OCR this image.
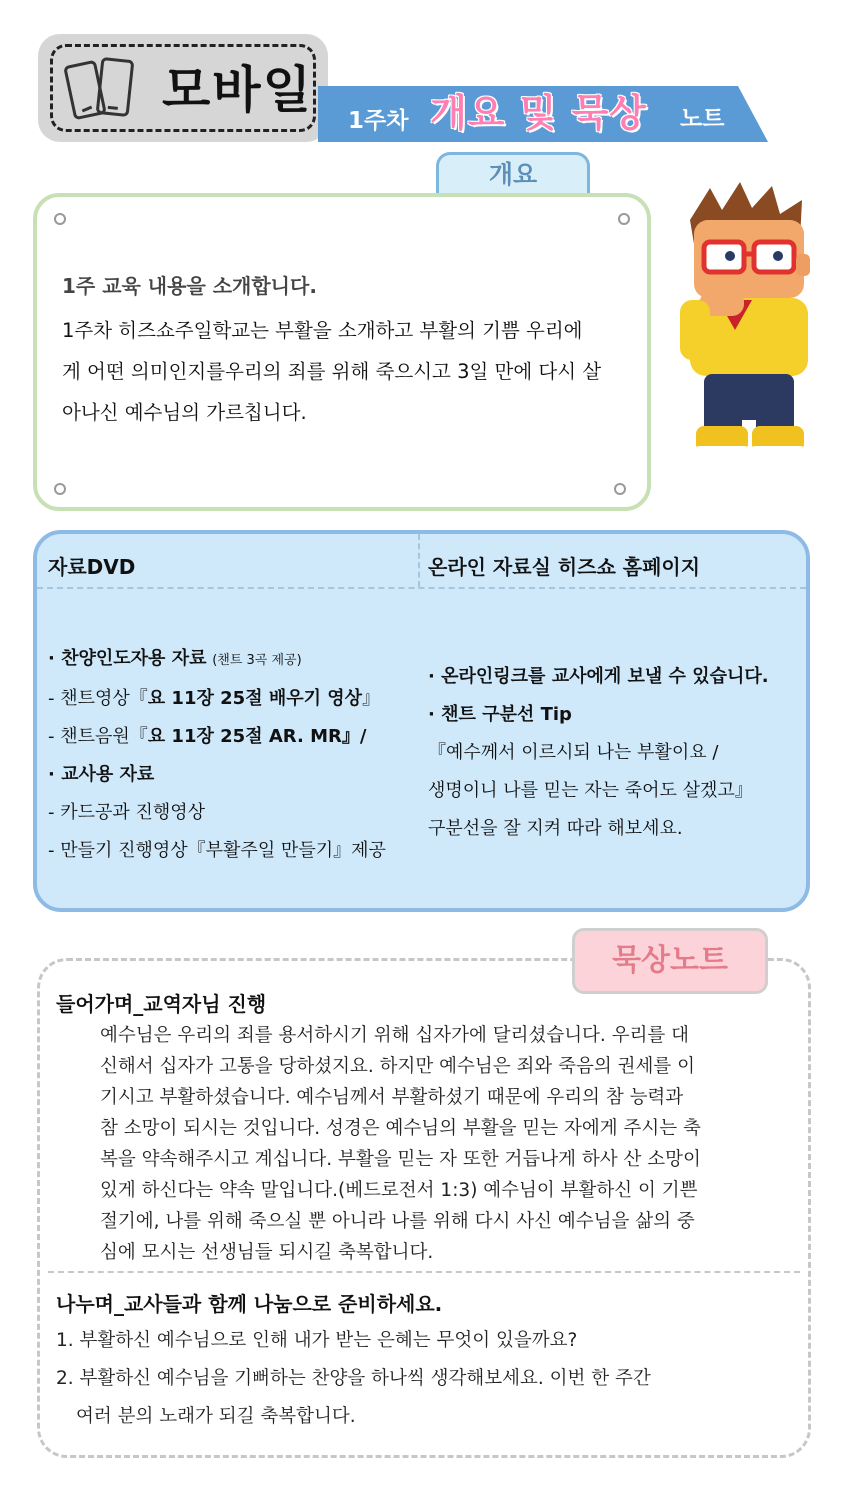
모바일
1주차 개요 및 묵상 노트
개요
1주 교육 내용을 소개합니다.
1주차 히즈쇼주일학교는 부활을 소개하고 부활의 기쁨 우리에
게 어떤 의미인지를우리의 죄를 위해 죽으시고 3일 만에 다시 살
아나신 예수님의 가르칩니다.
자료DVD	온라인 자료실 히즈쇼 홈페이지
· 찬양인도자용 자료 (챈트 3곡 제공)
- 챈트영상『요 11장 25절 배우기 영상』
- 챈트음원『요 11장 25절 AR. MR』/
· 교사용 자료
- 카드공과 진행영상
- 만들기 진행영상『부활주일 만들기』제공
· 온라인링크를 교사에게 보낼 수 있습니다.
· 챈트 구분선 Tip
『예수께서 이르시되 나는 부활이요 /
생명이니 나를 믿는 자는 죽어도 살겠고』
구분선을 잘 지켜 따라 해보세요.
묵상노트
들어가며_교역자님 진행
예수님은 우리의 죄를 용서하시기 위해 십자가에 달리셨습니다. 우리를 대
신해서 십자가 고통을 당하셨지요. 하지만 예수님은 죄와 죽음의 권세를 이
기시고 부활하셨습니다. 예수님께서 부활하셨기 때문에 우리의 참 능력과
참 소망이 되시는 것입니다. 성경은 예수님의 부활을 믿는 자에게 주시는 축
복을 약속해주시고 계십니다. 부활을 믿는 자 또한 거듭나게 하사 산 소망이
있게 하신다는 약속 말입니다.(베드로전서 1:3) 예수님이 부활하신 이 기쁜
절기에, 나를 위해 죽으실 뿐 아니라 나를 위해 다시 사신 예수님을 삶의 중
심에 모시는 선생님들 되시길 축복합니다.
나누며_교사들과 함께 나눔으로 준비하세요.
1. 부활하신 예수님으로 인해 내가 받는 은혜는 무엇이 있을까요?
2. 부활하신 예수님을 기뻐하는 찬양을 하나씩 생각해보세요. 이번 한 주간
여러 분의 노래가 되길 축복합니다.
